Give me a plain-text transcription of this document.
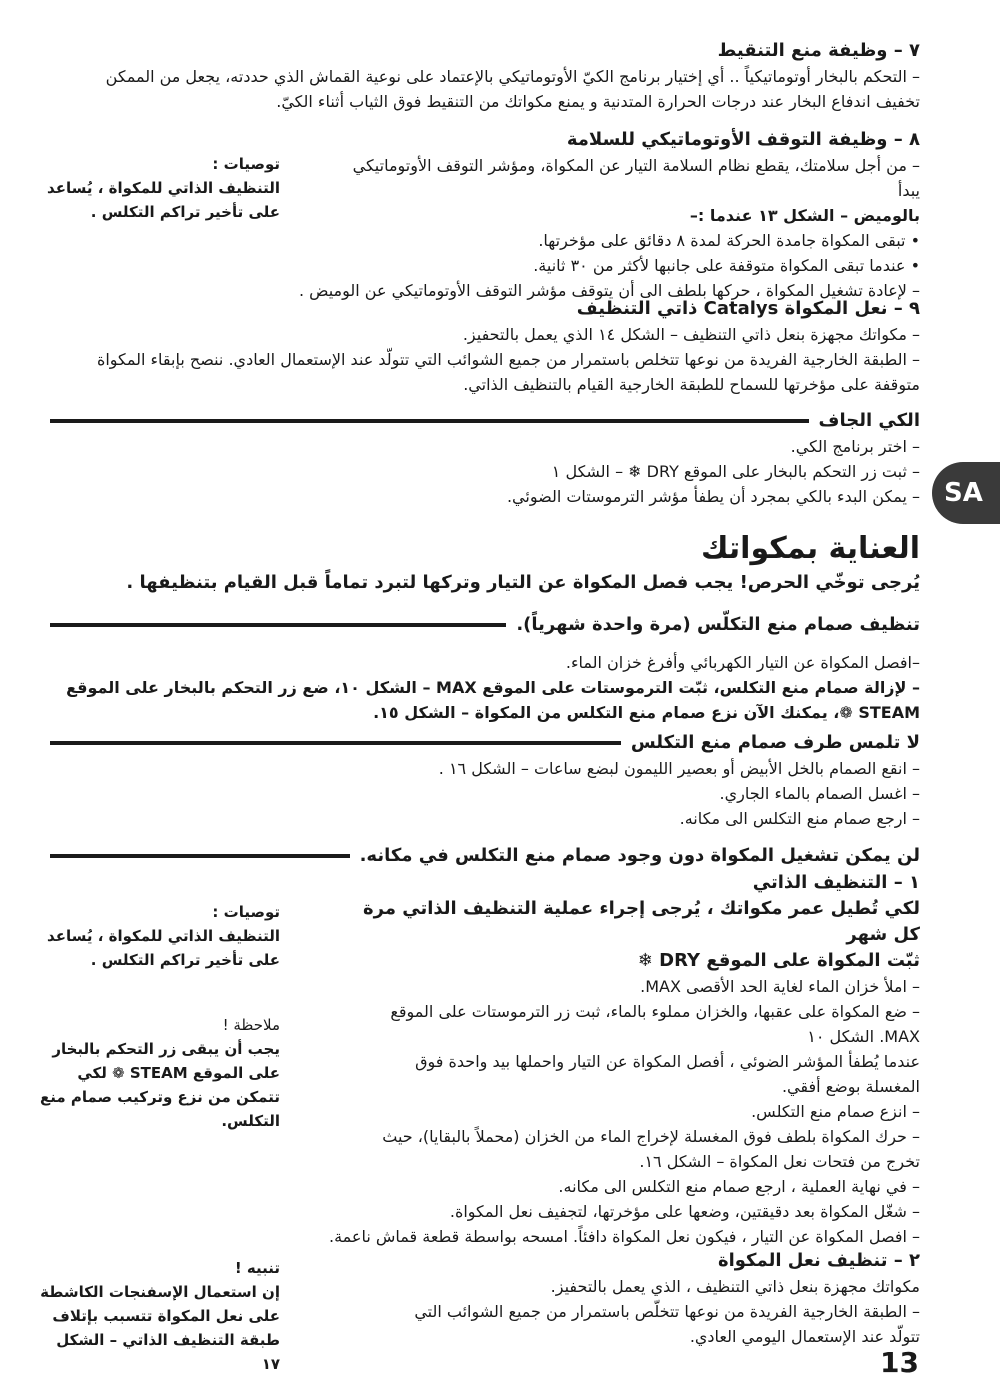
٧ – وظيفة منع التنقيط

– التحكم بالبخار أوتوماتيكياً .. أي إختيار برنامج الكيّ الأوتوماتيكي بالإعتماد على نوعية القماش الذي حددته، يجعل من الممكن

تخفيف اندفاع البخار عند درجات الحرارة المتدنية و يمنع مكواتك من التنقيط فوق الثياب أثناء الكيّ.

٨ – وظيفة التوقف الأوتوماتيكي للسلامة

– من أجل سلامتك، يقطع نظام السلامة التيار عن المكواة، ومؤشر التوقف الأوتوماتيكي يبدأ

بالوميض – الشكل ١٣ عندما :–

• تبقى المكواة جامدة الحركة لمدة ٨ دقائق على مؤخرتها.

• عندما تبقى المكواة متوقفة على جانبها لأكثر من ٣٠ ثانية.

– لإعادة تشغيل المكواة ، حركها بلطف الى أن يتوقف مؤشر التوقف الأوتوماتيكي عن الوميض .

توصيات :
التنظيف الذاتي للمكواة ، يُساعد
على تأخير تراكم التكلس .

٩ – نعل المكواة Catalys ذاتي التنظيف

– مكواتك مجهزة بنعل ذاتي التنظيف – الشكل ١٤ الذي يعمل بالتحفيز.

– الطبقة الخارجية الفريدة من نوعها تتخلص باستمرار من جميع الشوائب التي تتولّد عند الإستعمال العادي. ننصح بإبقاء المكواة

متوقفة على مؤخرتها للسماح للطبقة الخارجية القيام بالتنظيف الذاتي.

الكي الجاف

– اختر برنامج الكي.

– ثبت زر التحكم بالبخار على الموقع DRY ❄ – الشكل ١

– يمكن البدء بالكي بمجرد أن يطفأ مؤشر الترموستات الضوئي.

العناية بمكواتك

يُرجى توخّي الحرص! يجب فصل المكواة عن التيار وتركها لتبرد تماماً قبل القيام بتنظيفها .

تنظيف صمام منع التكلّس (مرة واحدة شهرياً).

–افصل المكواة عن التيار الكهربائي وأفرغ خزان الماء.

– لإزالة صمام منع التكلس، ثبّت الترموستات على الموقع MAX – الشكل ١٠، ضع زر التحكم بالبخار على الموقع

STEAM ❁، يمكنك الآن نزع صمام منع التكلس من المكواة – الشكل ١٥.

لا تلمس طرف صمام منع التكلس

– انقع الصمام بالخل الأبيض أو بعصير الليمون لبضع ساعات – الشكل ١٦ .

– اغسل الصمام بالماء الجاري.

– ارجع صمام منع التكلس الى مكانه.

لن يمكن تشغيل المكواة دون وجود صمام منع التكلس في مكانه.

١ – التنظيف الذاتي

لكي تُطيل عمر مكواتك ، يُرجى إجراء عملية التنظيف الذاتي مرة كل شهر

ثبّت المكواة على الموقع DRY ❄

– املأ خزان الماء لغاية الحد الأقصى MAX.

– ضع المكواة على عقبها، والخزان مملوء بالماء، ثبت زر الترموستات على الموقع

MAX. الشكل ١٠

عندما يُطفأ المؤشر الضوئي ، أفصل المكواة عن التيار واحملها بيد واحدة فوق

المغسلة بوضع أفقي.

– انزع صمام منع التكلس.

– حرك المكواة بلطف فوق المغسلة لإخراج الماء من الخزان (محملاً بالبقايا)، حيث

تخرج من فتحات نعل المكواة – الشكل ١٦.

– في نهاية العملية ، ارجع صمام منع التكلس الى مكانه.

– شغّل المكواة بعد دقيقتين، وضعها على مؤخرتها، لتجفيف نعل المكواة.

– افصل المكواة عن التيار ، فيكون نعل المكواة دافئاً. امسحه بواسطة قطعة قماش ناعمة.

توصيات :
التنظيف الذاتي للمكواة ، يُساعد
على تأخير تراكم التكلس .
ملاحظة !
يجب أن يبقى زر التحكم بالبخار
على الموقع STEAM ❁ لكي
تتمكن من نزع وتركيب صمام منع
التكلس.

٢ – تنظيف نعل المكواة

مكواتك مجهزة بنعل ذاتي التنظيف ، الذي يعمل بالتحفيز.

– الطبقة الخارجية الفريدة من نوعها تتخلّص باستمرار من جميع الشوائب التي

تتولّد عند الإستعمال اليومي العادي.

تنبيه !
إن استعمال الإسفنجات الكاشطة
على نعل المكواة تتسبب بإتلاف
طبقة التنظيف الذاتي – الشكل ١٧	13
SA
